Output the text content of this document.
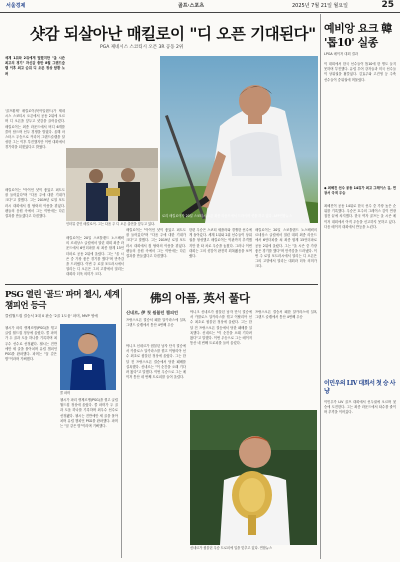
서울경제	골프·스포츠	2025년 7월 21일 월요일	25
샷감 되살아난 매킬로이 "디 오픈 기대된다"
PGA 제네시스 스코티시 오픈 3R 공동 2위

세계 1위와 2위에게 밀렸지만 "올 시즌 최고의 경기" 자신감 충만 8월 그랜드슬램 이후 최고 순위 디 오픈 정상 탈환 노려

'골프황제' 매킬로이(북아일랜드)가 제네시스 스코티시 오픈에서 공동 2위에 오르며 디 오픈을 앞두고 샷감을 끌어올렸다. 매킬로이는 최종 라운드에서 버디 6개를 쓸어 담으며 선두 경쟁을 벌였다. 올해 마스터스 우승으로 커리어 그랜드슬램을 달성한 그는 이후 부진했지만 이번 대회에서 경기력을 되찾았다고 밝혔다.

인터뷰 중인 매킬로이. 그는 다음 주 디 오픈 출전을 앞두고 있다.
로리 매킬로이가 20일 스코티시 오픈 최종 라운드에서 드라이버 샷을 하고 있다. AFP연합뉴스

매킬로이는 20일 스코틀랜드 노스베릭의 르네상스 클럽에서 열린 대회 최종 라운드에서 6언더파를 쳐 최종 합계 15언더파로 공동 2위에 올랐다. 그는 "올 시즌 중 가장 좋은 경기를 했다"며 만족감을 드러냈다. 이번 주 로열 포트러시에서 열리는 디 오픈은 그의 고향에서 열리는 대회라 더욱 의미가 크다.

매킬로이는 "아이언 샷이 좋았고 퍼트도 잘 들어갔다"며 "다음 주에 대한 기대가 크다"고 말했다. 그는 2019년 로열 포트러시 대회에서 컷 탈락의 아픔을 겪었다. 팬들의 응원 속에서 그는 이번에는 다른 결과를 만들겠다고 다짐했다.

한편 우승은 스코티 셰플러와 경쟁한 선수에게 돌아갔다. 세계 1위와 2위 선수들이 상위권을 형성했고 매킬로이는 막판까지 추격했지만 한 타 차로 우승을 놓쳤다. 그러나 이번 대회는 그의 샷감이 완전히 회복됐음을 보여줬다.

매킬로이는 20일 스코틀랜드 노스베릭의 르네상스 클럽에서 열린 대회 최종 라운드에서 6언더파를 쳐 최종 합계 15언더파로 공동 2위에 올랐다. 그는 "올 시즌 중 가장 좋은 경기를 했다"며 만족감을 드러냈다. 이번 주 로열 포트러시에서 열리는 디 오픈은 그의 고향에서 열리는 대회라 더욱 의미가 크다.

매킬로이는 "아이언 샷이 좋았고 퍼트도 잘 들어갔다"며 "다음 주에 대한 기대가 크다"고 말했다. 그는 2019년 로열 포트러시 대회에서 컷 탈락의 아픔을 겪었다. 팬들의 응원 속에서 그는 이번에는 다른 결과를 만들겠다고 다짐했다.

예비앙 요크 韓 '톱10' 실종

LPGA 메이저 대회 결과

이 대회에서 한국 선수들이 톱10에 한 명도 들지 못하며 부진했다. 유럽 투어 강자들과 미국 선수들이 상위권을 휩쓸었다. 김효주와 고진영 등 주축 선수들이 중위권에 머물렀다.

◆ 최혜진 선수 공동 14위가 최고 그레이스 김, 연장서 극적 우승

최혜진이 공동 14위로 한국 선수 중 가장 높은 순위를 기록했다. 우승은 호주의 그레이스 김이 연장 접전 끝에 차지했다. 한국 여자 골프는 올 시즌 메이저 대회에서 아직 우승을 신고하지 못하고 있다. 다음 메이저 대회에서 반등을 노린다.

이민우의 LIV 대회서 첫 승 사냥

이민우가 LIV 골프 대회에서 선두권에 오르며 첫 승에 도전한다. 그는 최종 라운드에서 타수를 줄이며 추격을 이어갔다.

PSG 열린 '골드' 파머 첼시, 세계 챔피언 등극
클럽월드컵 결승서 3대 0 완승 '2골 1도움' 파머, MVP 영예

첼시가 파리 생제르맹(PSG)을 꺾고 클럽 월드컵 정상에 올랐다. 콜 파머가 두 골과 도움 하나를 기록하며 최우수 선수로 선정됐다. 첼시는 전반에만 세 골을 몰아치며 유럽 챔피언 PSG를 완파했다. 파머는 "꿈 같은 밤"이라며 기뻐했다.

콜 파머

첼시가 파리 생제르맹(PSG)을 꺾고 클럽 월드컵 정상에 올랐다. 콜 파머가 두 골과 도움 하나를 기록하며 최우수 선수로 선정됐다. 첼시는 전반에만 세 골을 몰아치며 유럽 챔피언 PSG를 완파했다. 파머는 "꿈 같은 밤"이라며 기뻐했다.

佛의 아픔, 英서 풀다
신네르, 伊 첫 윔블던 챔피언

프랑스오픈 결승서 패한 알카라스에 설욕 그랜드 슬램에서 통산 4번째 우승

야니크 신네르가 윔블던 남자 단식 결승에서 카를로스 알카라스를 꺾고 이탈리아 선수 최초로 윔블던 정상에 올랐다. 그는 한 달 전 프랑스오픈 결승에서 당한 패배를 설욕했다. 신네르는 "이 순간을 오래 기다려 왔다"고 말했다. 이번 우승으로 그는 메이저 통산 네 번째 트로피를 들어 올렸다.

야니크 신네르가 윔블던 남자 단식 결승에서 카를로스 알카라스를 꺾고 이탈리아 선수 최초로 윔블던 정상에 올랐다. 그는 한 달 전 프랑스오픈 결승에서 당한 패배를 설욕했다. 신네르는 "이 순간을 오래 기다려 왔다"고 말했다. 이번 우승으로 그는 메이저 통산 네 번째 트로피를 들어 올렸다.

프랑스오픈 결승서 패한 알카라스에 설욕 그랜드 슬램에서 통산 4번째 우승

신네르가 윔블던 우승 트로피에 입을 맞추고 있다. 연합뉴스
